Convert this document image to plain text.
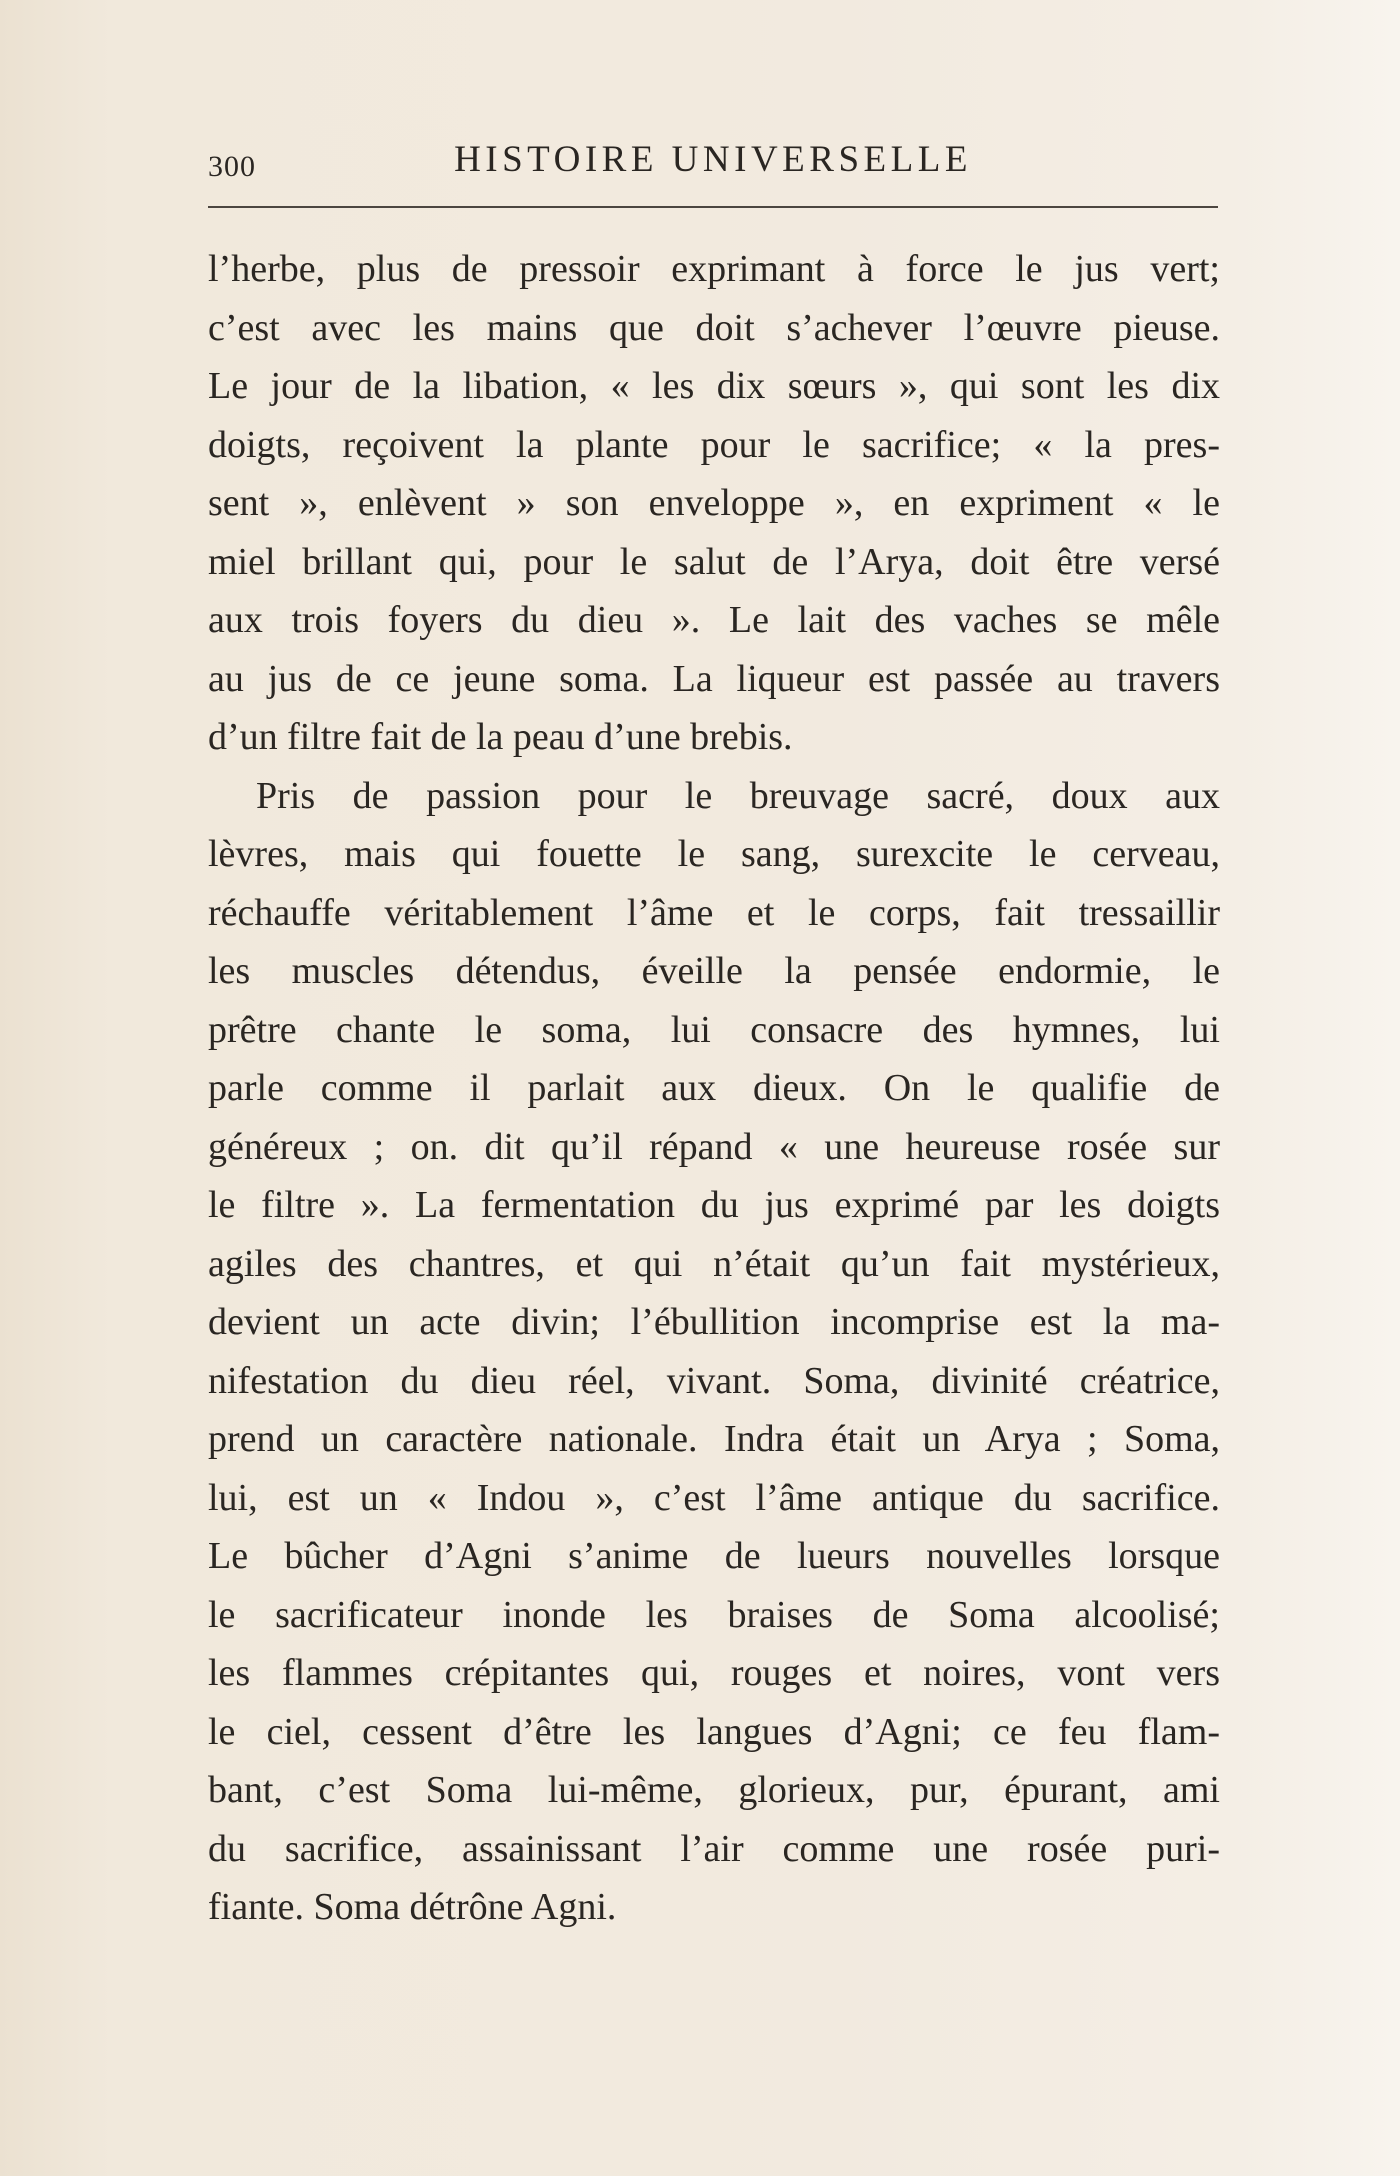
300	HISTOIRE UNIVERSELLE

l’herbe, plus de pressoir exprimant à force le jus vert;
c’est avec les mains que doit s’achever l’œuvre pieuse.
Le jour de la libation, « les dix sœurs », qui sont les dix
doigts, reçoivent la plante pour le sacrifice; « la pres-
sent », enlèvent » son enveloppe », en expriment « le
miel brillant qui, pour le salut de l’Arya, doit être versé
aux trois foyers du dieu ». Le lait des vaches se mêle
au jus de ce jeune soma. La liqueur est passée au travers
d’un filtre fait de la peau d’une brebis.

Pris de passion pour le breuvage sacré, doux aux
lèvres, mais qui fouette le sang, surexcite le cerveau,
réchauffe véritablement l’âme et le corps, fait tressaillir
les muscles détendus, éveille la pensée endormie, le
prêtre chante le soma, lui consacre des hymnes, lui
parle comme il parlait aux dieux. On le qualifie de
généreux ; on. dit qu’il répand « une heureuse rosée sur
le filtre ». La fermentation du jus exprimé par les doigts
agiles des chantres, et qui n’était qu’un fait mystérieux,
devient un acte divin; l’ébullition incomprise est la ma-
nifestation du dieu réel, vivant. Soma, divinité créatrice,
prend un caractère nationale. Indra était un Arya ; Soma,
lui, est un « Indou », c’est l’âme antique du sacrifice.
Le bûcher d’Agni s’anime de lueurs nouvelles lorsque
le sacrificateur inonde les braises de Soma alcoolisé;
les flammes crépitantes qui, rouges et noires, vont vers
le ciel, cessent d’être les langues d’Agni; ce feu flam-
bant, c’est Soma lui-même, glorieux, pur, épurant, ami
du sacrifice, assainissant l’air comme une rosée puri-
fiante. Soma détrône Agni.
